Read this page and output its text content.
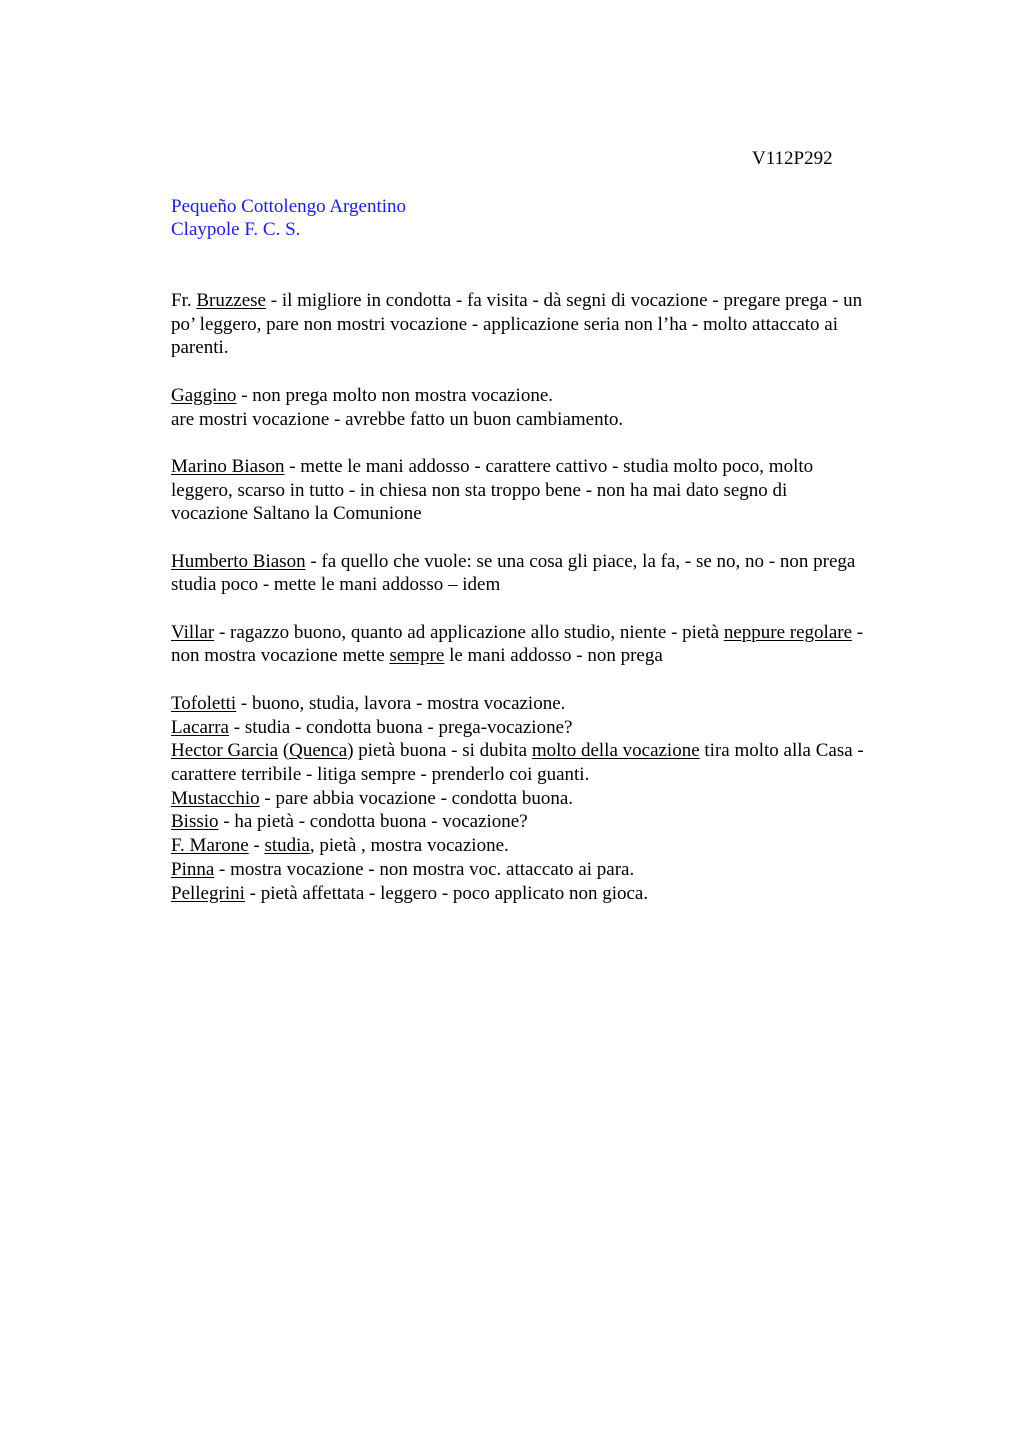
V112P292
Pequeño Cottolengo Argentino
Claypole F. C. S.
Fr. Bruzzese - il migliore in condotta - fa visita - dà segni di vocazione - pregare prega - un
po’ leggero, pare non mostri vocazione - applicazione seria non l’ha - molto attaccato ai
parenti.
Gaggino - non prega molto non mostra vocazione.
are mostri vocazione - avrebbe fatto un buon cambiamento.
Marino Biason - mette le mani addosso - carattere cattivo - studia molto poco, molto
leggero, scarso in tutto - in chiesa non sta troppo bene - non ha mai dato segno di
vocazione Saltano la Comunione
Humberto Biason - fa quello che vuole: se una cosa gli piace, la fa, - se no, no - non prega
studia poco - mette le mani addosso – idem
Villar - ragazzo buono, quanto ad applicazione allo studio, niente - pietà neppure regolare -
non mostra vocazione mette sempre le mani addosso - non prega
Tofoletti - buono, studia, lavora - mostra vocazione.
Lacarra - studia - condotta buona - prega-vocazione?
Hector Garcia (Quenca) pietà buona - si dubita molto della vocazione tira molto alla Casa -
carattere terribile - litiga sempre - prenderlo coi guanti.
Mustacchio - pare abbia vocazione - condotta buona.
Bissio - ha pietà - condotta buona - vocazione?
F. Marone - studia, pietà , mostra vocazione.
Pinna - mostra vocazione - non mostra voc. attaccato ai para.
Pellegrini - pietà affettata - leggero - poco applicato non gioca.
